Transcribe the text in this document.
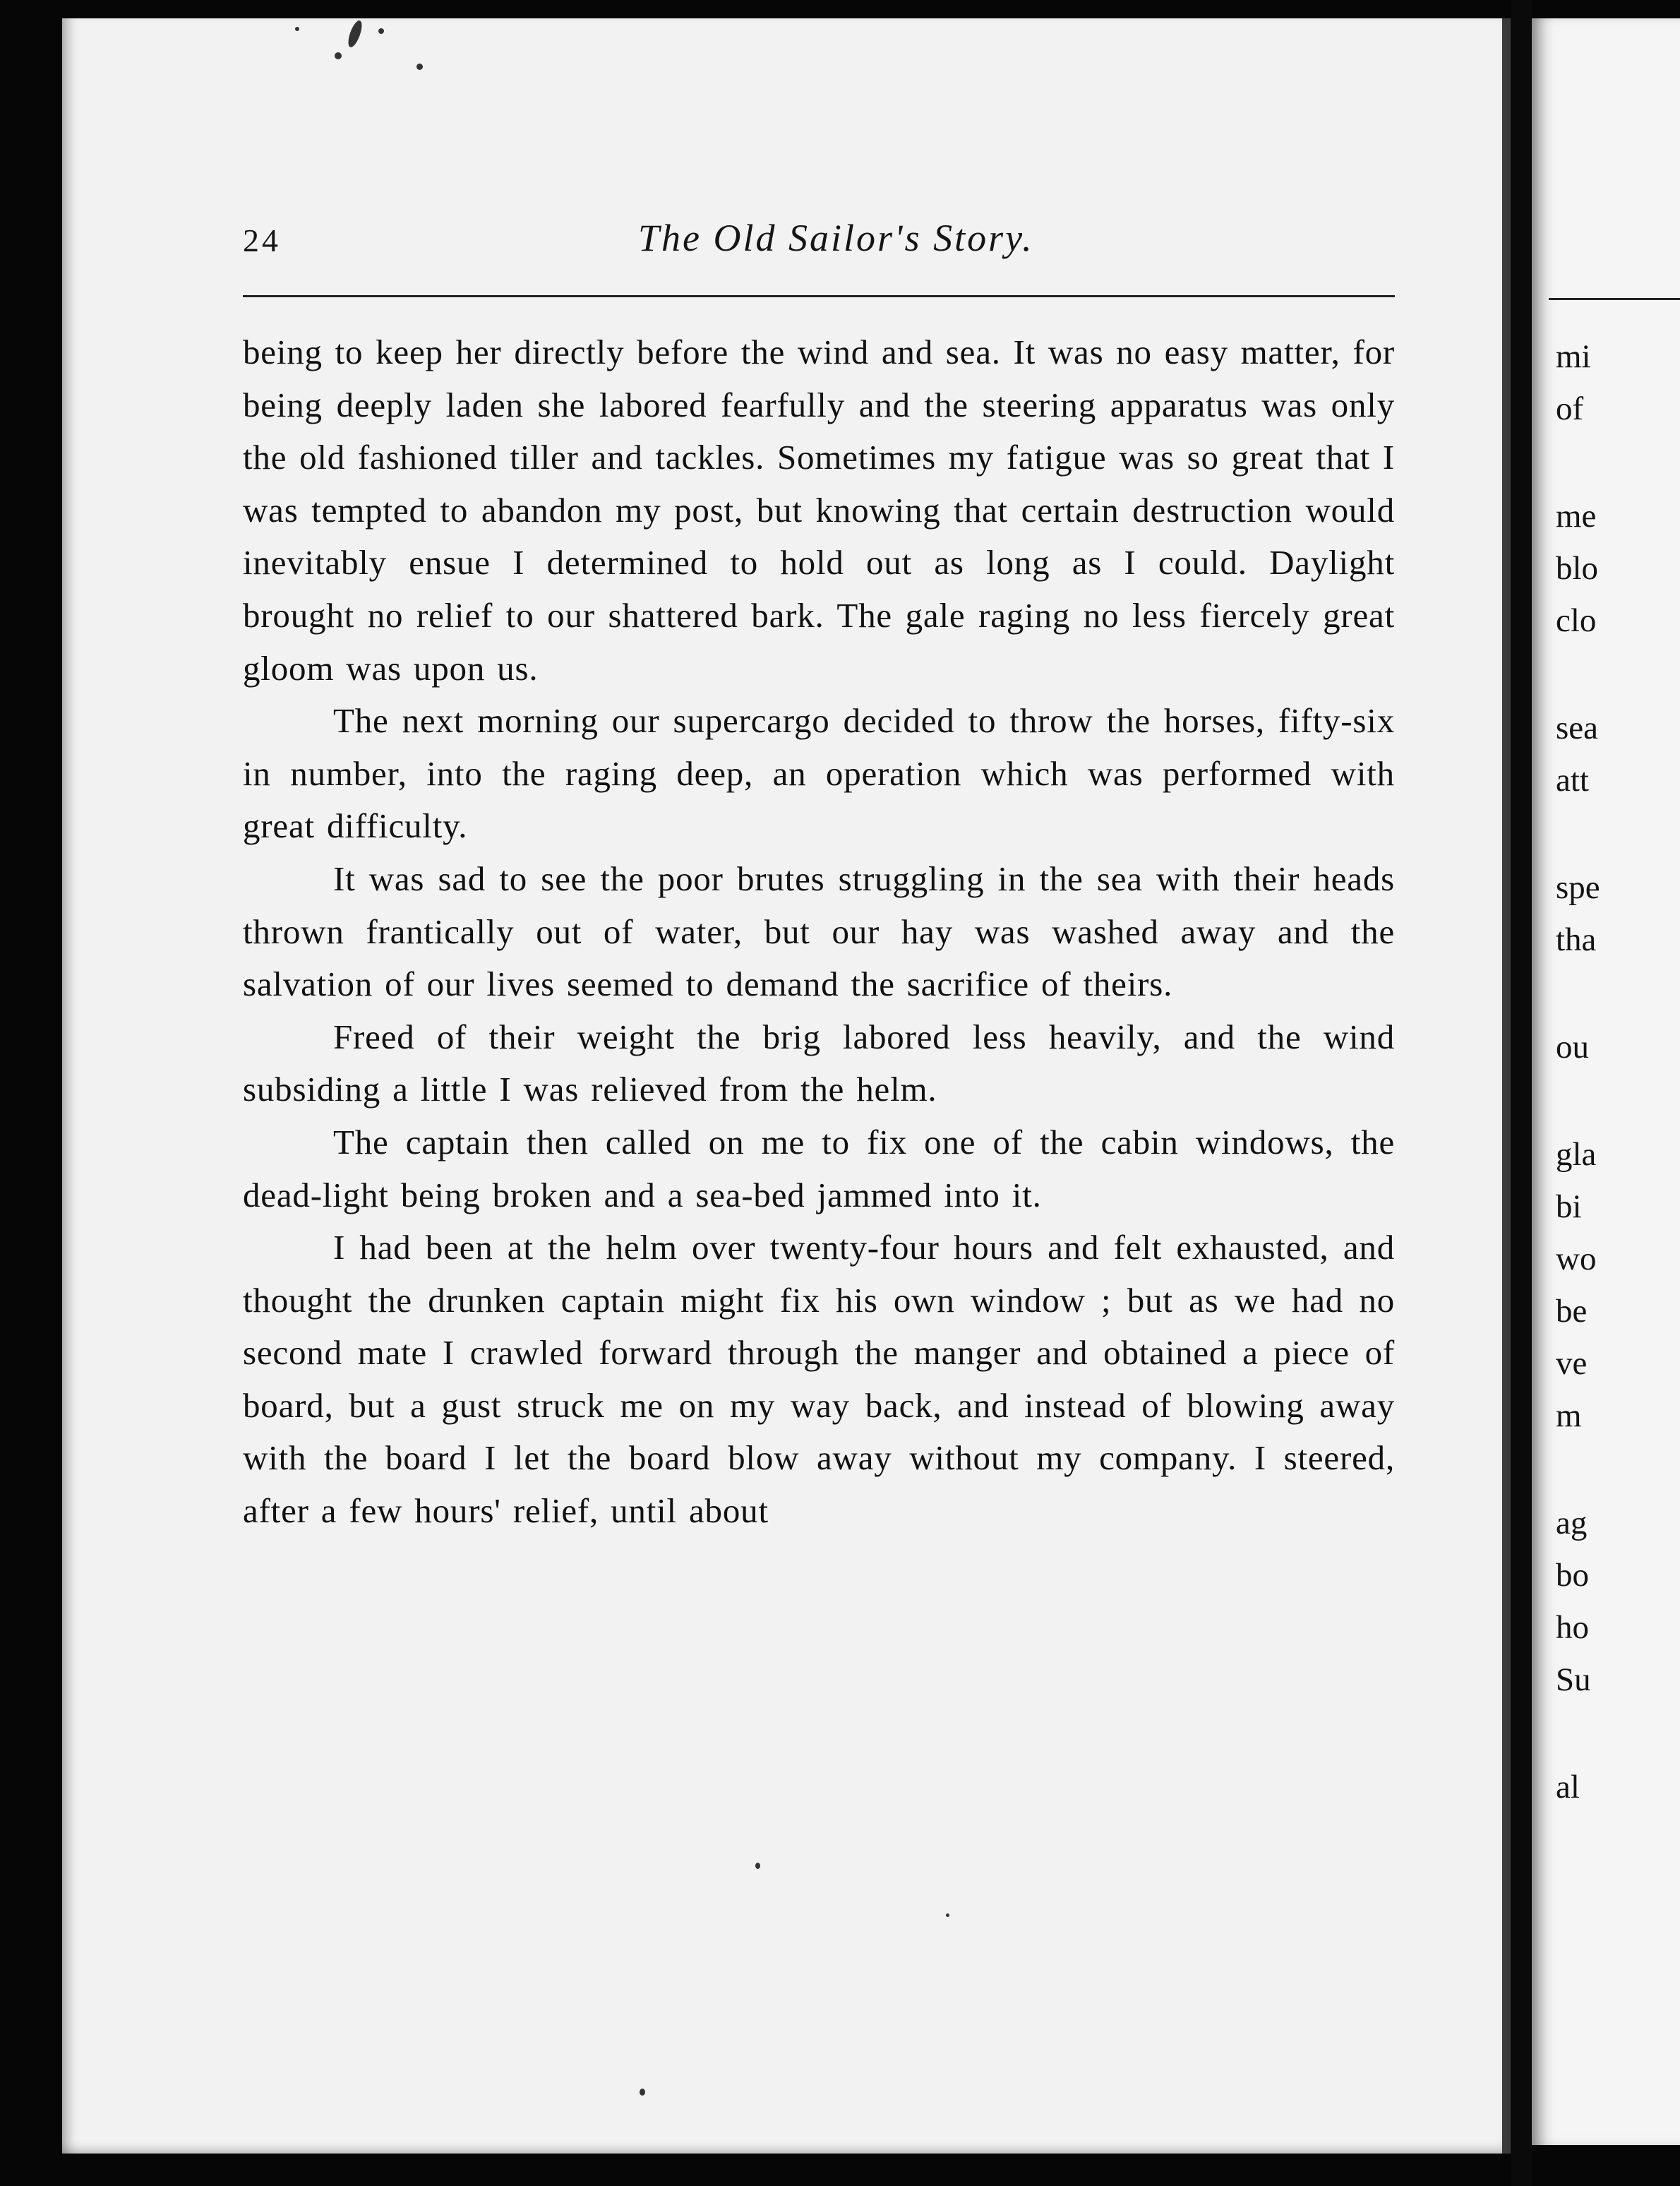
24	The Old Sailor's Story.

being to keep her directly before the wind and sea. It was no easy matter, for being deeply laden she labored fearfully and the steering apparatus was only the old fashioned tiller and tackles. Sometimes my fatigue was so great that I was tempted to abandon my post, but knowing that certain destruction would inevitably ensue I determined to hold out as long as I could. Daylight brought no relief to our shattered bark. The gale raging no less fiercely great gloom was upon us.

The next morning our supercargo decided to throw the horses, fifty-six in number, into the raging deep, an operation which was performed with great difficulty.

It was sad to see the poor brutes struggling in the sea with their heads thrown frantically out of water, but our hay was washed away and the salvation of our lives seemed to demand the sacrifice of theirs.

Freed of their weight the brig labored less heavily, and the wind subsiding a little I was relieved from the helm.

The captain then called on me to fix one of the cabin windows, the dead-light being broken and a sea-bed jammed into it.

I had been at the helm over twenty-four hours and felt exhausted, and thought the drunken captain might fix his own window ; but as we had no second mate I crawled forward through the manger and obtained a piece of board, but a gust struck me on my way back, and instead of blowing away with the board I let the board blow away without my company. I steered, after a few hours' relief, until about

mi
of
me
blo
clo
sea
att
spe
tha
ou
gla
bi
wo
be
ve
m
ag
bo
ho
Su
al
